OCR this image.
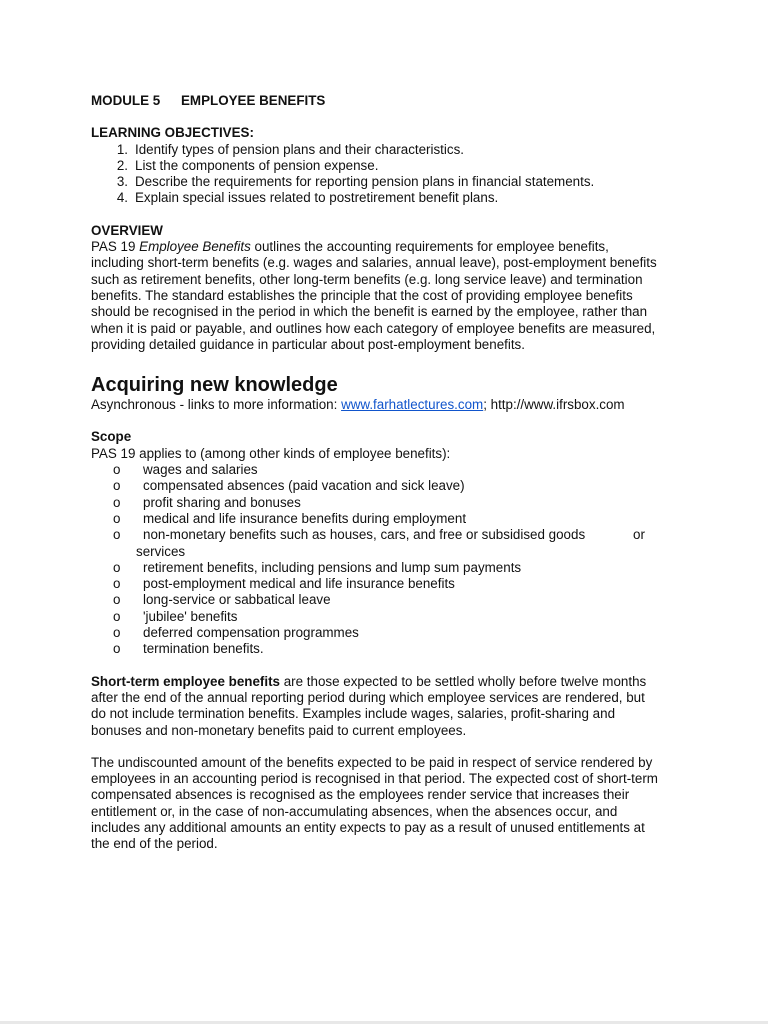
MODULE 5	EMPLOYEE BENEFITS
LEARNING OBJECTIVES:
1. Identify types of pension plans and their characteristics.
2. List the components of pension expense.
3. Describe the requirements for reporting pension plans in financial statements.
4. Explain special issues related to postretirement benefit plans.
OVERVIEW
PAS 19 Employee Benefits outlines the accounting requirements for employee benefits,
including short-term benefits (e.g. wages and salaries, annual leave), post-employment benefits
such as retirement benefits, other long-term benefits (e.g. long service leave) and termination
benefits. The standard establishes the principle that the cost of providing employee benefits
should be recognised in the period in which the benefit is earned by the employee, rather than
when it is paid or payable, and outlines how each category of employee benefits are measured,
providing detailed guidance in particular about post-employment benefits.
Acquiring new knowledge
Asynchronous - links to more information: www.farhatlectures.com; http://www.ifrsbox.com
Scope
PAS 19 applies to (among other kinds of employee benefits):
o	wages and salaries
o	compensated absences (paid vacation and sick leave)
o	profit sharing and bonuses
o	medical and life insurance benefits during employment
o	non-monetary benefits such as houses, cars, and free or subsidised goods	or
services
o	retirement benefits, including pensions and lump sum payments
o	post-employment medical and life insurance benefits
o	long-service or sabbatical leave
o	'jubilee' benefits
o	deferred compensation programmes
o	termination benefits.
Short-term employee benefits are those expected to be settled wholly before twelve months
after the end of the annual reporting period during which employee services are rendered, but
do not include termination benefits. Examples include wages, salaries, profit-sharing and
bonuses and non-monetary benefits paid to current employees.
The undiscounted amount of the benefits expected to be paid in respect of service rendered by
employees in an accounting period is recognised in that period. The expected cost of short-term
compensated absences is recognised as the employees render service that increases their
entitlement or, in the case of non-accumulating absences, when the absences occur, and
includes any additional amounts an entity expects to pay as a result of unused entitlements at
the end of the period.
